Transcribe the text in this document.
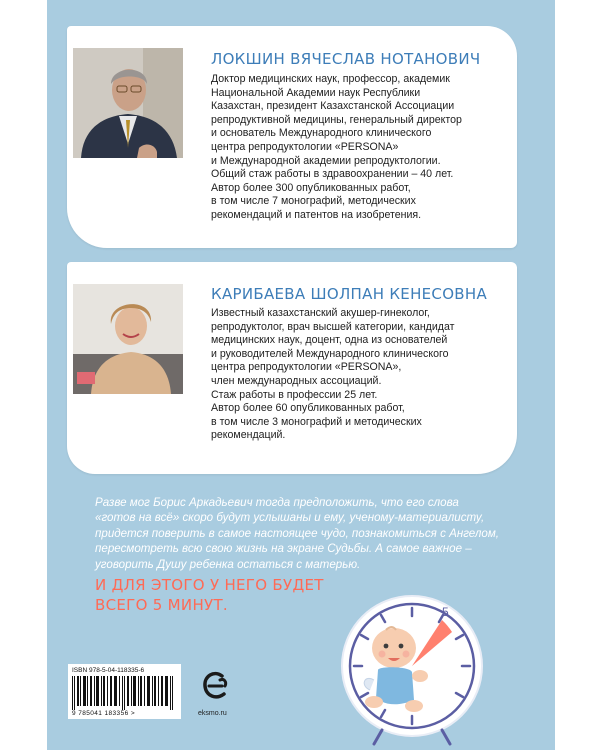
ЛОКШИН ВЯЧЕСЛАВ НОТАНОВИЧ
Доктор медицинских наук, профессор, академик
Национальной Академии наук Республики
Казахстан, президент Казахстанской Ассоциации
репродуктивной медицины, генеральный директор
и основатель Международного клинического
центра репродуктологии «PERSONA»
и Международной академии репродуктологии.
Общий стаж работы в здравоохранении – 40 лет.
Автор более 300 опубликованных работ,
в том числе 7 монографий, методических
рекомендаций и патентов на изобретения.
КАРИБАЕВА ШОЛПАН КЕНЕСОВНА
Известный казахстанский акушер-гинеколог,
репродуктолог, врач высшей категории, кандидат
медицинских наук, доцент, одна из основателей
и руководителей Международного клинического
центра репродуктологии «PERSONA»,
член международных ассоциаций.
Стаж работы в профессии 25 лет.
Автор более 60 опубликованных работ,
в том числе 3 монографий и методических
рекомендаций.
Разве мог Борис Аркадьевич тогда предположить, что его слова
«готов на всё» скоро будут услышаны и ему, ученому-материалисту,
придется поверить в самое настоящее чудо, познакомиться с Ангелом,
пересмотреть всю свою жизнь на экране Судьбы. А самое важное –
уговорить Душу ребенка остаться с матерью.
И ДЛЯ ЭТОГО У НЕГО БУДЕТ
ВСЕГО 5 МИНУТ.	5
ISBN 978-5-04-118335-6
9 785041 183356 >	eksmo.ru
